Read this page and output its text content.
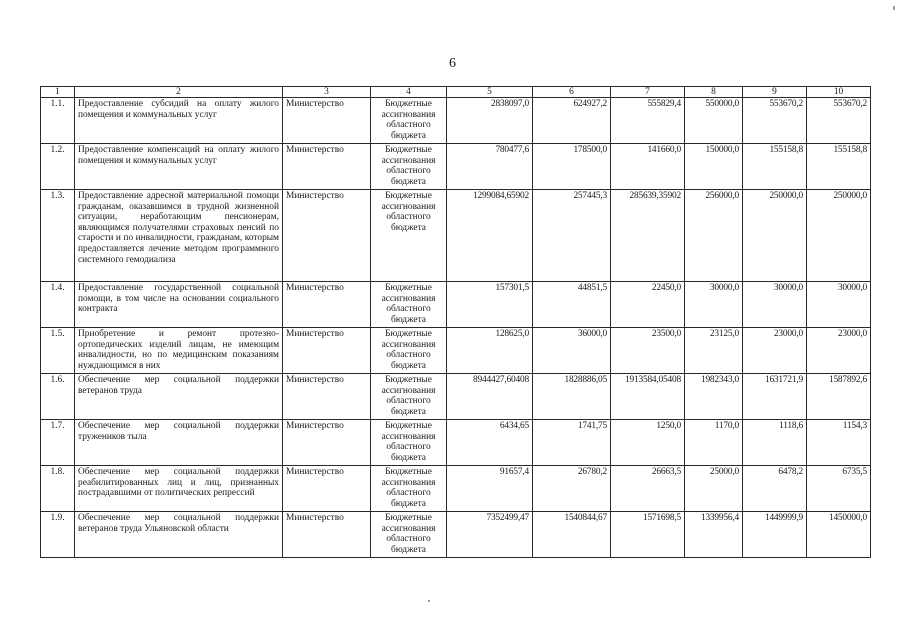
6
1	2	3	4	5	6	7	8	9	10
1.1.	Предоставление субсидий на оплату жилого помещения и коммунальных услуг	Министерство	Бюджетные ассигнования областного бюджета	2838097,0	624927,2	555829,4	550000,0	553670,2	553670,2
1.2.	Предоставление компенсаций на оплату жилого помещения и коммунальных услуг	Министерство	Бюджетные ассигнования областного бюджета	780477,6	178500,0	141660,0	150000,0	155158,8	155158,8
1.3.	Предоставление адресной материальной помощи гражданам, оказавшимся в трудной жизненной ситуации, неработающим пенсионерам, являющимся получателями страховых пенсий по старости и по инвалидности, гражданам, которым предоставляется лечение методом программного системного гемодиализа	Министерство	Бюджетные ассигнования областного бюджета	1299084,65902	257445,3	285639,35902	256000,0	250000,0	250000,0
1.4.	Предоставление государственной социальной помощи, в том числе на основании социального контракта	Министерство	Бюджетные ассигнования областного бюджета	157301,5	44851,5	22450,0	30000,0	30000,0	30000,0
1.5.	Приобретение и ремонт протезно-ортопедических изделий лицам, не имеющим инвалидности, но по медицинским показаниям нуждающимся в них	Министерство	Бюджетные ассигнования областного бюджета	128625,0	36000,0	23500,0	23125,0	23000,0	23000,0
1.6.	Обеспечение мер социальной поддержки ветеранов труда	Министерство	Бюджетные ассигнования областного бюджета	8944427,60408	1828886,05	1913584,05408	1982343,0	1631721,9	1587892,6
1.7.	Обеспечение мер социальной поддержки тружеников тыла	Министерство	Бюджетные ассигнования областного бюджета	6434,65	1741,75	1250,0	1170,0	1118,6	1154,3
1.8.	Обеспечение мер социальной поддержки реабилитированных лиц и лиц, признанных пострадавшими от политических репрессий	Министерство	Бюджетные ассигнования областного бюджета	91657,4	26780,2	26663,5	25000,0	6478,2	6735,5
1.9.	Обеспечение мер социальной поддержки ветеранов труда Ульяновской области	Министерство	Бюджетные ассигнования областного бюджета	7352499,47	1540844,67	1571698,5	1339956,4	1449999,9	1450000,0
